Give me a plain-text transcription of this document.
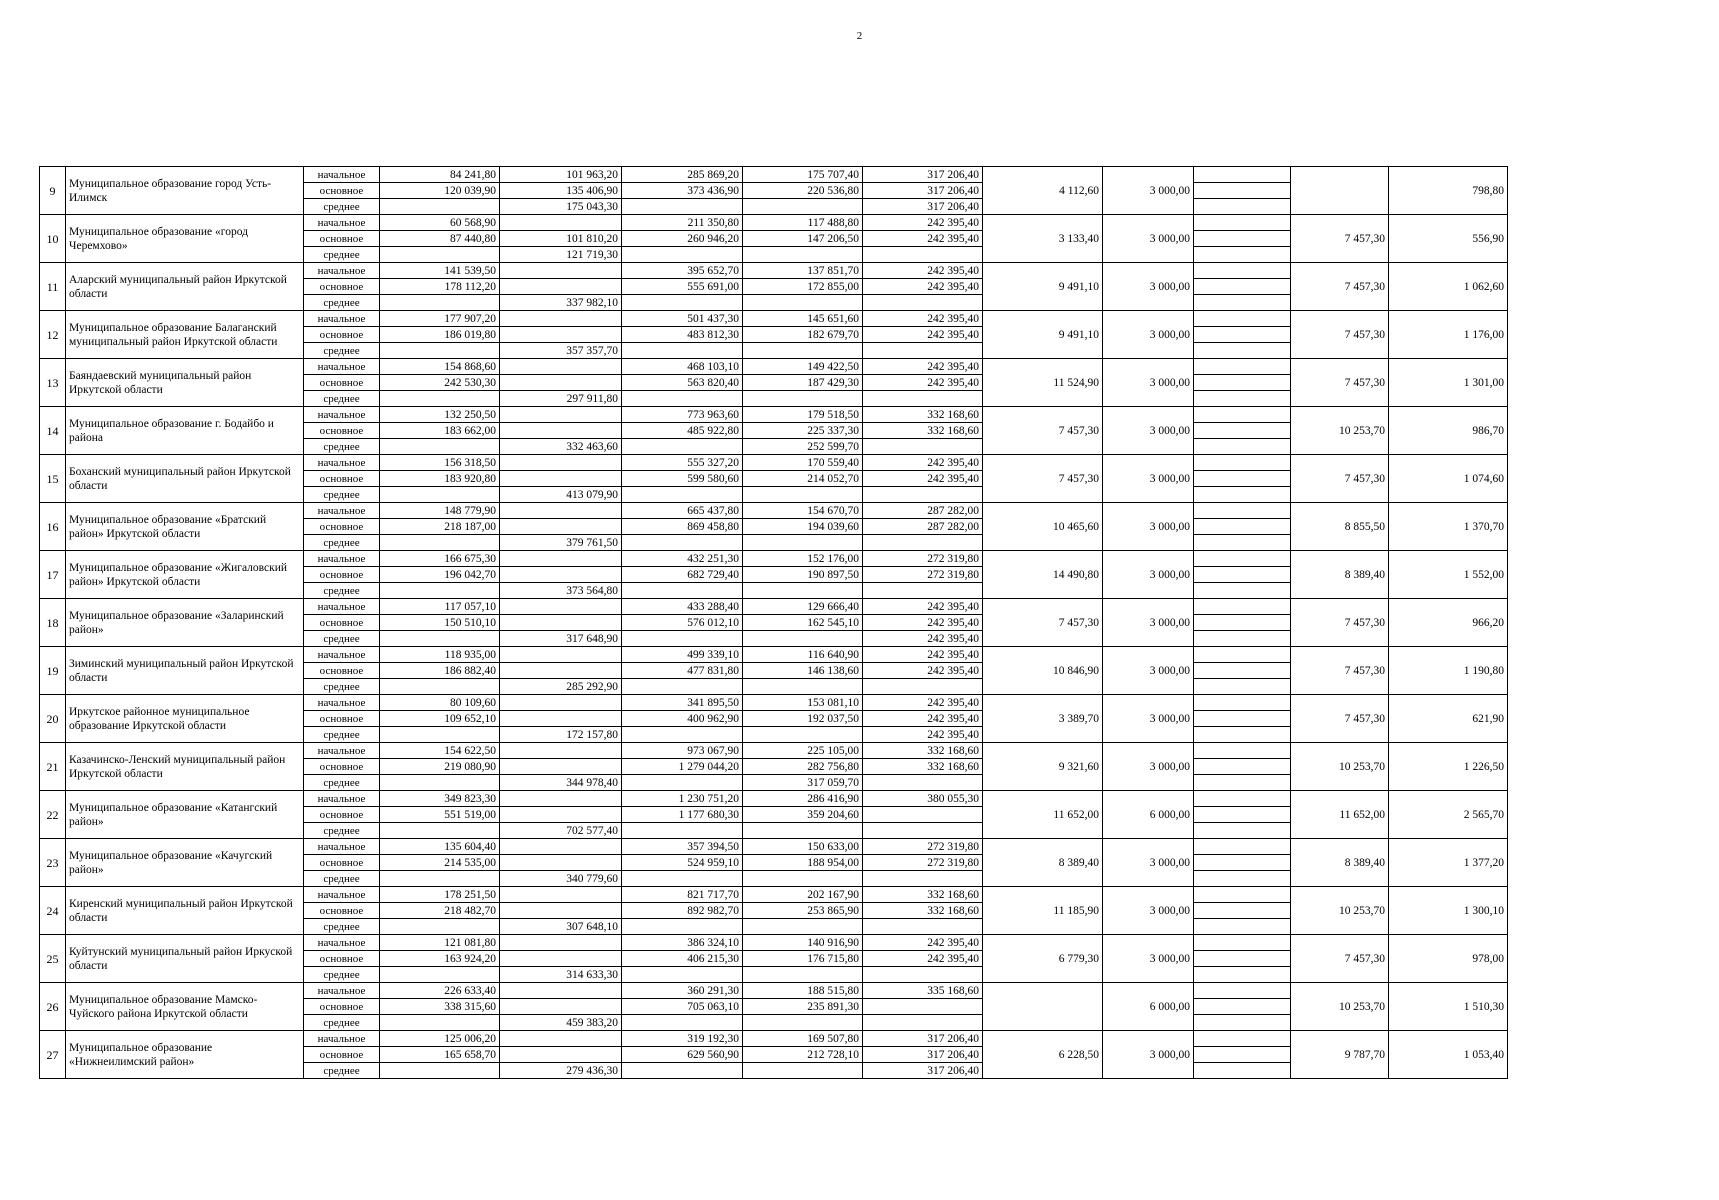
2
9	Муниципальное образование город Усть-Илимск	начальное	84 241,80	101 963,20	285 869,20	175 707,40	317 206,40	4 112,60	3 000,00			798,80
		основное	120 039,90	135 406,90	373 436,90	220 536,80	317 206,40					
		среднее		175 043,30			317 206,40					
10	Муниципальное образование «город Черемхово»	начальное	60 568,90		211 350,80	117 488,80	242 395,40	3 133,40	3 000,00		7 457,30	556,90
		основное	87 440,80	101 810,20	260 946,20	147 206,50	242 395,40					
		среднее		121 719,30								
11	Аларский муниципальный район Иркутской области	начальное	141 539,50		395 652,70	137 851,70	242 395,40	9 491,10	3 000,00		7 457,30	1 062,60
		основное	178 112,20		555 691,00	172 855,00	242 395,40					
		среднее		337 982,10								
12	Муниципальное образование Балаганский муниципальный район Иркутской области	начальное	177 907,20		501 437,30	145 651,60	242 395,40	9 491,10	3 000,00		7 457,30	1 176,00
		основное	186 019,80		483 812,30	182 679,70	242 395,40					
		среднее		357 357,70								
13	Баяндаевский муниципальный район Иркутской области	начальное	154 868,60		468 103,10	149 422,50	242 395,40	11 524,90	3 000,00		7 457,30	1 301,00
		основное	242 530,30		563 820,40	187 429,30	242 395,40					
		среднее		297 911,80								
14	Муниципальное образование г. Бодайбо и района	начальное	132 250,50		773 963,60	179 518,50	332 168,60	7 457,30	3 000,00		10 253,70	986,70
		основное	183 662,00		485 922,80	225 337,30	332 168,60					
		среднее		332 463,60		252 599,70						
15	Боханский муниципальный район Иркутской области	начальное	156 318,50		555 327,20	170 559,40	242 395,40	7 457,30	3 000,00		7 457,30	1 074,60
		основное	183 920,80		599 580,60	214 052,70	242 395,40					
		среднее		413 079,90								
16	Муниципальное образование «Братский район» Иркутской области	начальное	148 779,90		665 437,80	154 670,70	287 282,00	10 465,60	3 000,00		8 855,50	1 370,70
		основное	218 187,00		869 458,80	194 039,60	287 282,00					
		среднее		379 761,50								
17	Муниципальное образование «Жигаловский район» Иркутской области	начальное	166 675,30		432 251,30	152 176,00	272 319,80	14 490,80	3 000,00		8 389,40	1 552,00
		основное	196 042,70		682 729,40	190 897,50	272 319,80					
		среднее		373 564,80								
18	Муниципальное образование «Заларинский район»	начальное	117 057,10		433 288,40	129 666,40	242 395,40	7 457,30	3 000,00		7 457,30	966,20
		основное	150 510,10		576 012,10	162 545,10	242 395,40					
		среднее		317 648,90			242 395,40					
19	Зиминский муниципальный район Иркутской области	начальное	118 935,00		499 339,10	116 640,90	242 395,40	10 846,90	3 000,00		7 457,30	1 190,80
		основное	186 882,40		477 831,80	146 138,60	242 395,40					
		среднее		285 292,90								
20	Иркутское районное муниципальное образование Иркутской области	начальное	80 109,60		341 895,50	153 081,10	242 395,40	3 389,70	3 000,00		7 457,30	621,90
		основное	109 652,10		400 962,90	192 037,50	242 395,40					
		среднее		172 157,80			242 395,40					
21	Казачинско-Ленский муниципальный район Иркутской области	начальное	154 622,50		973 067,90	225 105,00	332 168,60	9 321,60	3 000,00		10 253,70	1 226,50
		основное	219 080,90		1 279 044,20	282 756,80	332 168,60					
		среднее		344 978,40		317 059,70						
22	Муниципальное образование «Катангский район»	начальное	349 823,30		1 230 751,20	286 416,90	380 055,30	11 652,00	6 000,00		11 652,00	2 565,70
		основное	551 519,00		1 177 680,30	359 204,60						
		среднее		702 577,40								
23	Муниципальное образование «Качугский район»	начальное	135 604,40		357 394,50	150 633,00	272 319,80	8 389,40	3 000,00		8 389,40	1 377,20
		основное	214 535,00		524 959,10	188 954,00	272 319,80					
		среднее		340 779,60								
24	Киренский муниципальный район Иркутской области	начальное	178 251,50		821 717,70	202 167,90	332 168,60	11 185,90	3 000,00		10 253,70	1 300,10
		основное	218 482,70		892 982,70	253 865,90	332 168,60					
		среднее		307 648,10								
25	Куйтунский муниципальный район Иркуской области	начальное	121 081,80		386 324,10	140 916,90	242 395,40	6 779,30	3 000,00		7 457,30	978,00
		основное	163 924,20		406 215,30	176 715,80	242 395,40					
		среднее		314 633,30								
26	Муниципальное образование Мамско-Чуйского района Иркутской области	начальное	226 633,40		360 291,30	188 515,80	335 168,60		6 000,00		10 253,70	1 510,30
		основное	338 315,60		705 063,10	235 891,30						
		среднее		459 383,20								
27	Муниципальное образование «Нижнеилимский район»	начальное	125 006,20		319 192,30	169 507,80	317 206,40	6 228,50	3 000,00		9 787,70	1 053,40
		основное	165 658,70		629 560,90	212 728,10	317 206,40					
		среднее		279 436,30			317 206,40					
